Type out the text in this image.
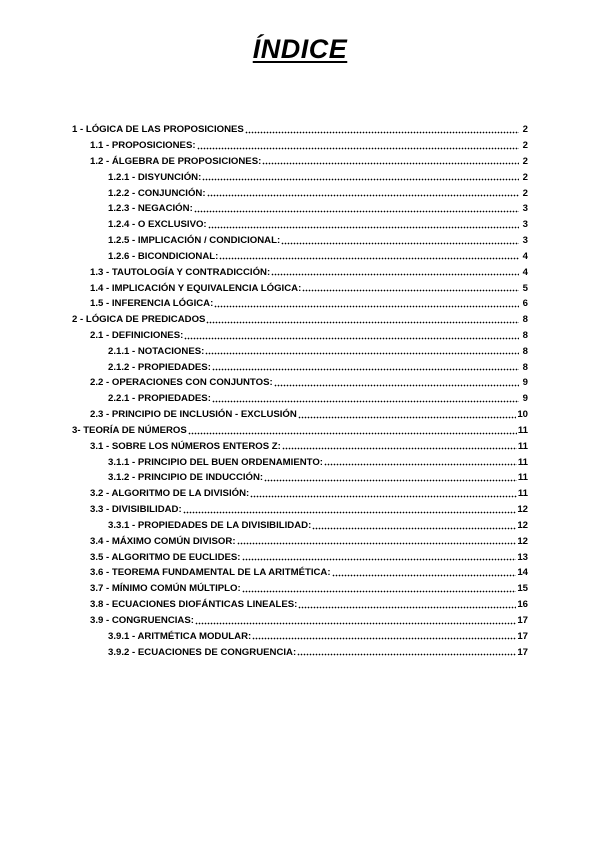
ÍNDICE
1 - LÓGICA DE LAS PROPOSICIONES	2
1.1 - PROPOSICIONES:	2
1.2 - ÁLGEBRA DE PROPOSICIONES:	2
1.2.1 - DISYUNCIÓN:	2
1.2.2 - CONJUNCIÓN:	2
1.2.3 - NEGACIÓN:	3
1.2.4 - O EXCLUSIVO:	3
1.2.5 - IMPLICACIÓN / CONDICIONAL:	3
1.2.6 - BICONDICIONAL:	4
1.3 - TAUTOLOGÍA Y CONTRADICCIÓN:	4
1.4 - IMPLICACIÓN Y EQUIVALENCIA LÓGICA:	5
1.5 - INFERENCIA LÓGICA:	6
2 - LÓGICA DE PREDICADOS	8
2.1 - DEFINICIONES:	8
2.1.1 - NOTACIONES:	8
2.1.2 - PROPIEDADES:	8
2.2 - OPERACIONES CON CONJUNTOS:	9
2.2.1 - PROPIEDADES:	9
2.3 - PRINCIPIO DE INCLUSIÓN - EXCLUSIÓN	10
3- TEORÍA DE NÚMEROS	11
3.1 - SOBRE LOS NÚMEROS ENTEROS Z:	11
3.1.1 - PRINCIPIO DEL BUEN ORDENAMIENTO:	11
3.1.2 - PRINCIPIO DE INDUCCIÓN:	11
3.2 - ALGORITMO DE LA DIVISIÓN:	11
3.3 - DIVISIBILIDAD:	12
3.3.1 - PROPIEDADES DE LA DIVISIBILIDAD:	12
3.4 - MÁXIMO COMÚN DIVISOR:	12
3.5 - ALGORITMO DE EUCLIDES:	13
3.6 - TEOREMA FUNDAMENTAL DE LA ARITMÉTICA:	14
3.7 - MÍNIMO COMÚN MÚLTIPLO:	15
3.8 - ECUACIONES DIOFÁNTICAS LINEALES:	16
3.9 - CONGRUENCIAS:	17
3.9.1 - ARITMÉTICA MODULAR:	17
3.9.2 - ECUACIONES DE CONGRUENCIA:	17
